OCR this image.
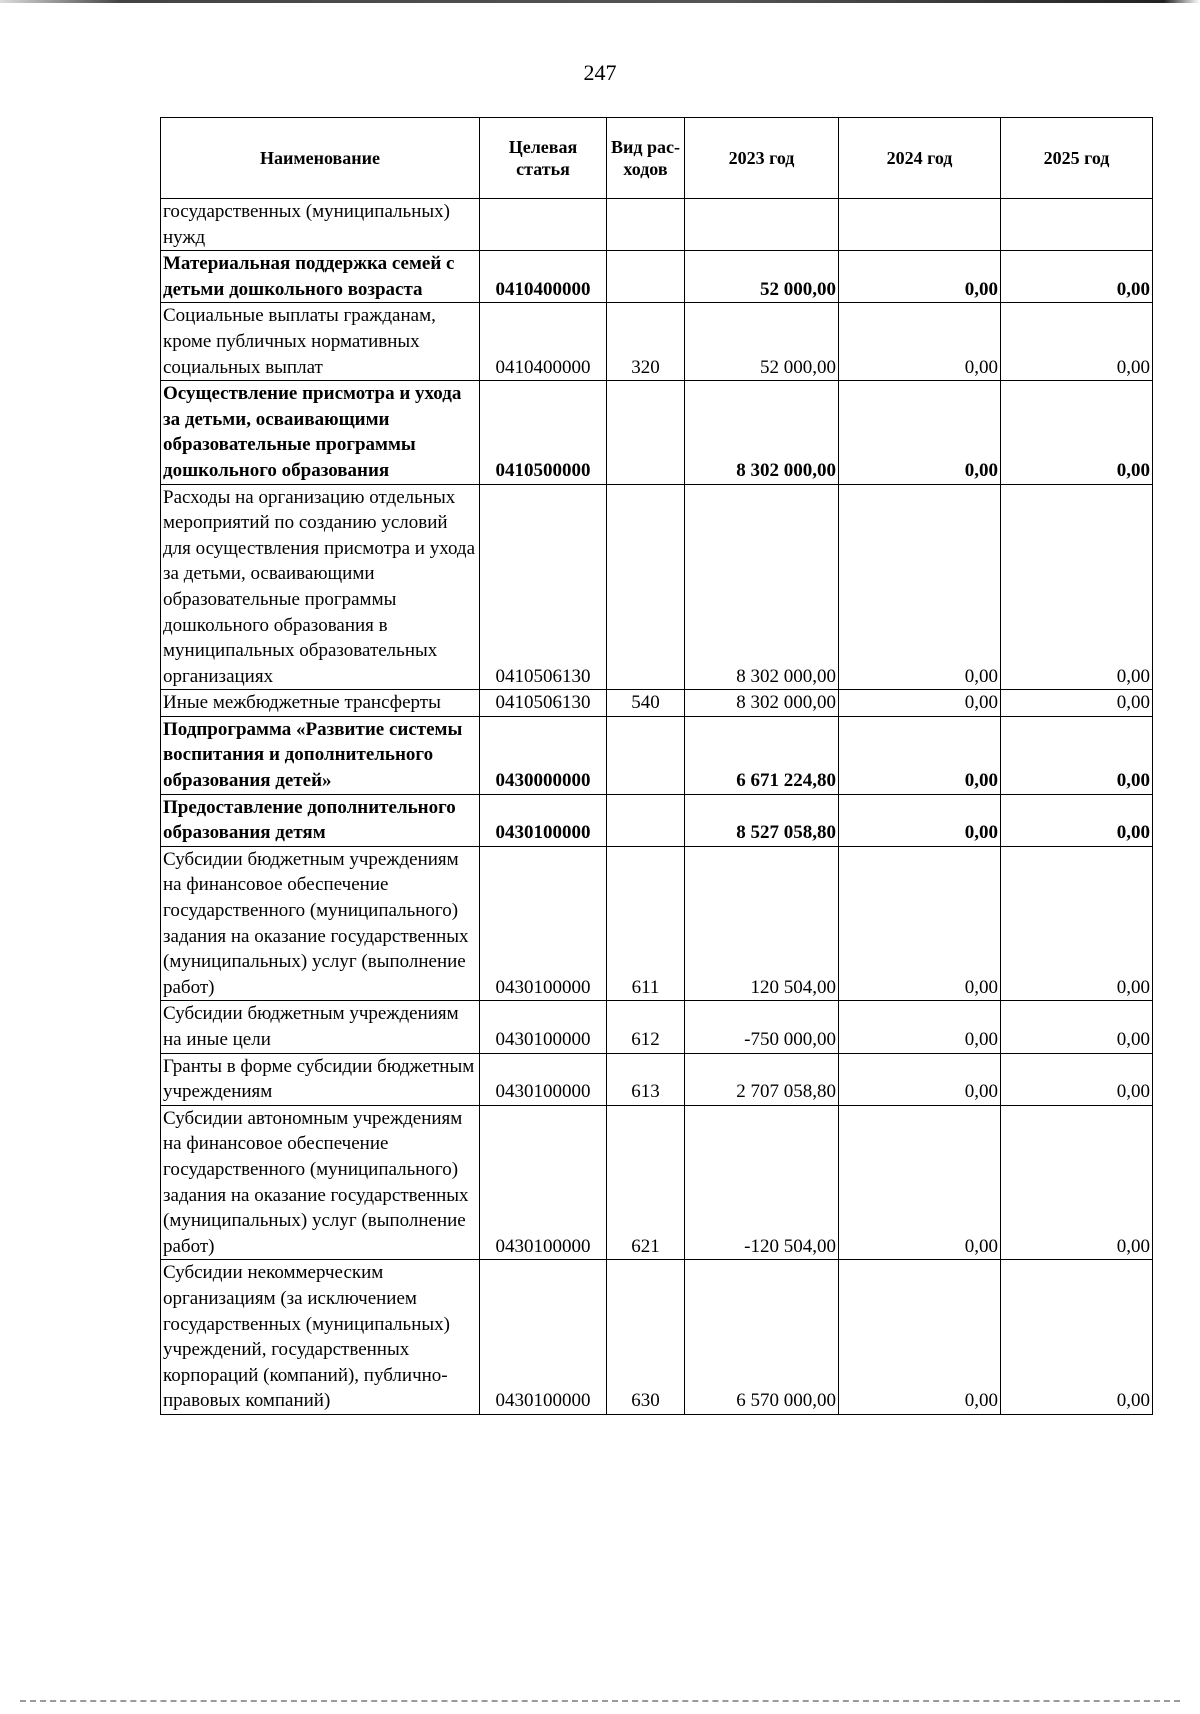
247
Наименование	Целевая статья	Вид рас- ходов	2023 год	2024 год	2025 год
государственных (муниципальных) нужд					
Материальная поддержка семей с детьми дошкольного возраста	0410400000		52 000,00	0,00	0,00
Социальные выплаты гражданам, кроме публичных нормативных социальных выплат	0410400000	320	52 000,00	0,00	0,00
Осуществление присмотра и ухода за детьми, осваивающими образовательные программы дошкольного образования	0410500000		8 302 000,00	0,00	0,00
Расходы на организацию отдельных мероприятий по созданию условий для осуществления присмотра и ухода за детьми, осваивающими образовательные программы дошкольного образования в муниципальных образовательных организациях	0410506130		8 302 000,00	0,00	0,00
Иные межбюджетные трансферты	0410506130	540	8 302 000,00	0,00	0,00
Подпрограмма «Развитие системы воспитания и дополнительного образования детей»	0430000000		6 671 224,80	0,00	0,00
Предоставление дополнительного образования детям	0430100000		8 527 058,80	0,00	0,00
Субсидии бюджетным учреждениям на финансовое обеспечение государственного (муниципального) задания на оказание государственных (муниципальных) услуг (выполнение работ)	0430100000	611	120 504,00	0,00	0,00
Субсидии бюджетным учреждениям на иные цели	0430100000	612	-750 000,00	0,00	0,00
Гранты в форме субсидии бюджетным учреждениям	0430100000	613	2 707 058,80	0,00	0,00
Субсидии автономным учреждениям на финансовое обеспечение государственного (муниципального) задания на оказание государственных (муниципальных) услуг (выполнение работ)	0430100000	621	-120 504,00	0,00	0,00
Субсидии некоммерческим организациям (за исключением государственных (муниципальных) учреждений, государственных корпораций (компаний), публично-правовых компаний)	0430100000	630	6 570 000,00	0,00	0,00
